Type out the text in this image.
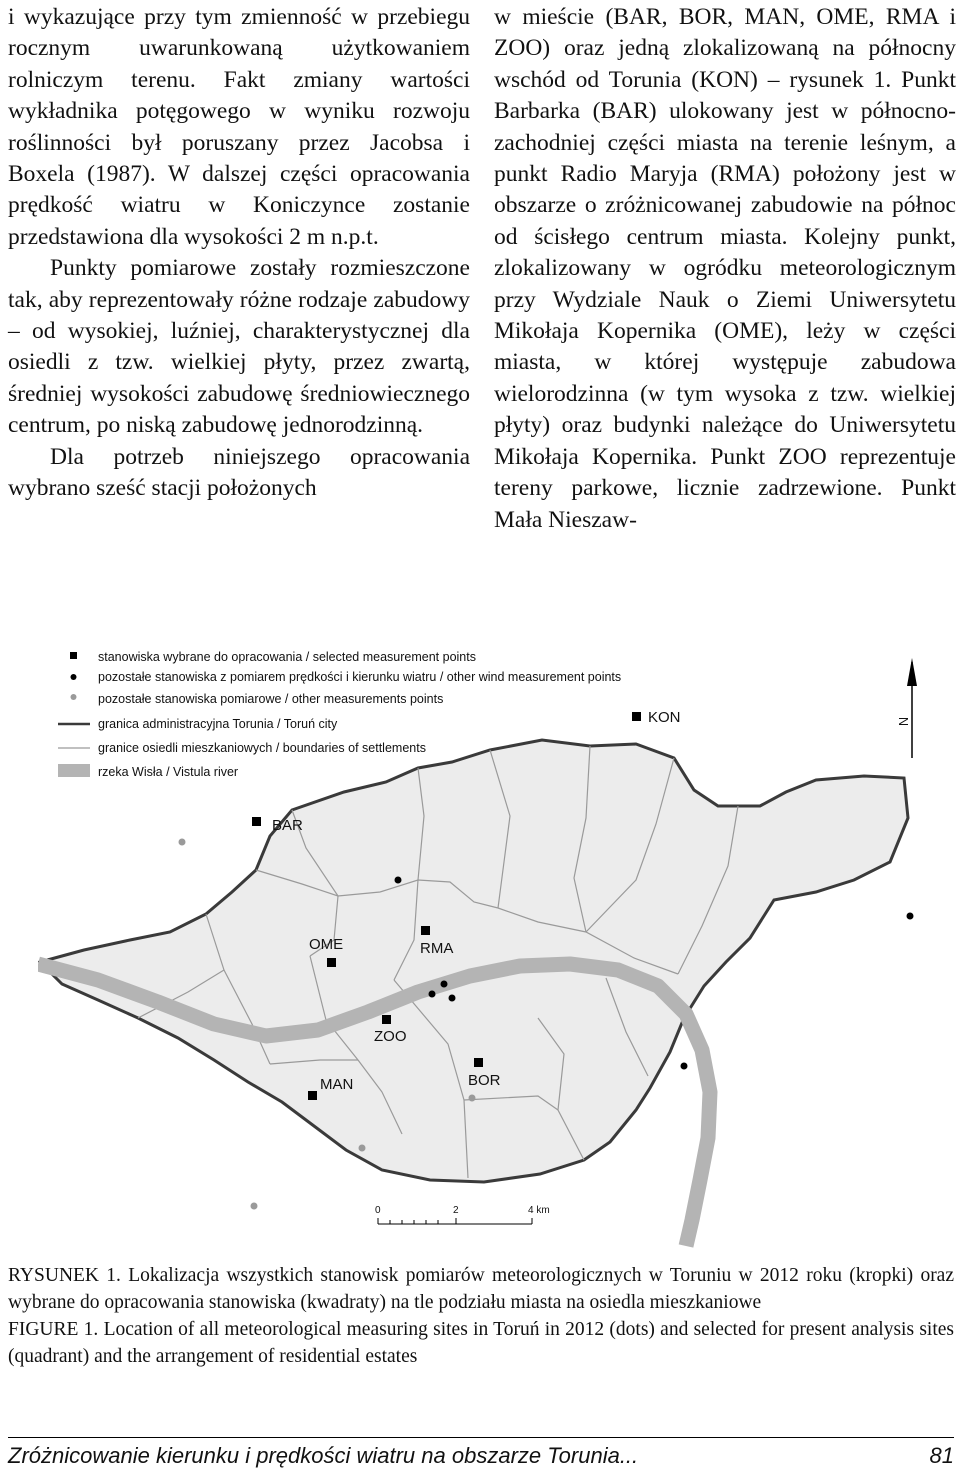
i wykazujące przy tym zmienność w przebiegu rocznym uwarunkowaną użytkowaniem rolniczym terenu. Fakt zmiany wartości wykładnika potęgowego w wyniku rozwoju roślinności był poruszany przez Jacobsa i Boxela (1987). W dalszej części opracowania prędkość wiatru w Koniczynce zostanie przedstawiona dla wysokości 2 m n.p.t.

Punkty pomiarowe zostały rozmieszczone tak, aby reprezentowały różne rodzaje zabudowy – od wysokiej, luźniej, charakterystycznej dla osiedli z tzw. wielkiej płyty, przez zwartą, średniej wysokości zabudowę średniowiecznego centrum, po niską zabudowę jednorodzinną.

Dla potrzeb niniejszego opracowania wybrano sześć stacji położonych

w mieście (BAR, BOR, MAN, OME, RMA i ZOO) oraz jedną zlokalizowaną na północny wschód od Torunia (KON) – rysunek 1. Punkt Barbarka (BAR) ulokowany jest w północno-zachodniej części miasta na terenie leśnym, a punkt Radio Maryja (RMA) położony jest w obszarze o zróżnicowanej zabudowie na północ od ścisłego centrum miasta. Kolejny punkt, zlokalizowany w ogródku meteorologicznym przy Wydziale Nauk o Ziemi Uniwersytetu Mikołaja Kopernika (OME), leży w części miasta, w której występuje zabudowa wielorodzinna (w tym wysoka z tzw. wielkiej płyty) oraz budynki należące do Uniwersytetu Mikołaja Kopernika. Punkt ZOO reprezentuje tereny parkowe, licznie zadrzewione. Punkt Mała Nieszaw-

stanowiska wybrane do opracowania / selected measurement points
pozostałe stanowiska z pomiarem prędkości i kierunku wiatru / other wind measurement points
pozostałe stanowiska pomiarowe / other measurements points
granica administracyjna Torunia / Toruń city
granice osiedli mieszkaniowych / boundaries of settlements
rzeka Wisła / Vistula river
N
BAR
OME	RMA
ZOO
MAN	BOR
KON
0	2	4 km

RYSUNEK 1. Lokalizacja wszystkich stanowisk pomiarów meteorologicznych w Toruniu w 2012 roku (kropki) oraz wybrane do opracowania stanowiska (kwadraty) na tle podziału miasta na osiedla mieszkaniowe

FIGURE 1. Location of all meteorological measuring sites in Toruń in 2012 (dots) and selected for present analysis sites (quadrant) and the arrangement of residential estates

Zróżnicowanie kierunku i prędkości wiatru na obszarze Torunia...	81
